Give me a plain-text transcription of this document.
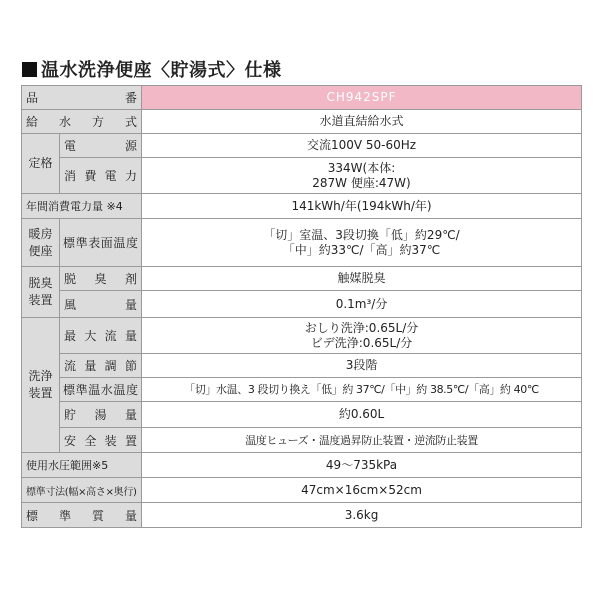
温水洗浄便座〈貯湯式〉仕様
品番		CH942SPF
給水方式		水道直結給水式
定格	電源	交流100V 50-60Hz
	消費電力	334W(本体:
287W 便座:47W)

年間消費電力量 ※4		141kWh/年(194kWh/年)

暖房
便座	標準表面温度	「切」室温、3段切換「低」約29℃/
「中」約33℃/「高」約37℃

脱臭
装置	脱臭剤	触媒脱臭
	風量	0.1m³/分

洗浄
装置	最大流量	おしり洗浄:0.65L/分
ビデ洗浄:0.65L/分

	流量調節	3段階
	標準温水温度	「切」水温、3 段切り換え「低」約 37℃/「中」約 38.5℃/「高」約 40℃
	貯湯量	約0.60L
	安全装置	温度ヒューズ・温度過昇防止装置・逆流防止装置
使用水圧範囲※5		49〜735kPa
標準寸法(幅×高さ×奥行)		47cm×16cm×52cm
標準質量		3.6kg
